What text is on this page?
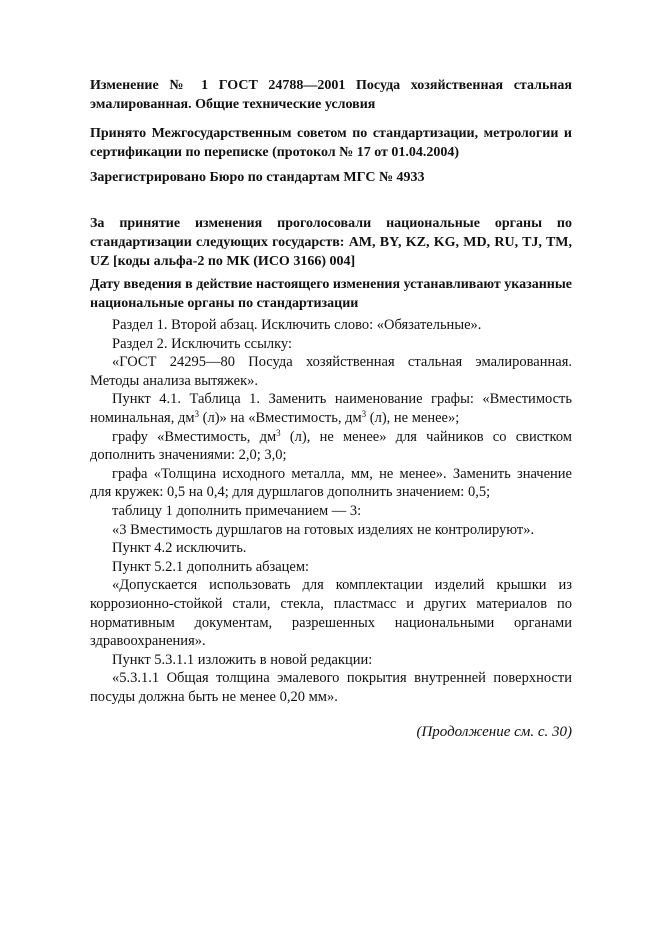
Изменение № 1 ГОСТ 24788—2001 Посуда хозяйственная стальная эмалированная. Общие технические условия
Принято Межгосударственным советом по стандартизации, метрологии и сертификации по переписке (протокол № 17 от 01.04.2004)
Зарегистрировано Бюро по стандартам МГС № 4933
За принятие изменения проголосовали национальные органы по стандартизации следующих государств: AM, BY, KZ, KG, MD, RU, TJ, TM, UZ [коды альфа-2 по МК (ИСО 3166) 004]
Дату введения в действие настоящего изменения устанавливают указанные национальные органы по стандартизации

Раздел 1. Второй абзац. Исключить слово: «Обязательные».

Раздел 2. Исключить ссылку:

«ГОСТ 24295—80 Посуда хозяйственная стальная эмалированная. Методы анализа вытяжек».

Пункт 4.1. Таблица 1. Заменить наименование графы: «Вместимость номинальная, $дм^3$ (л)» на «Вместимость, $дм^3$ (л), не менее»;

графу «Вместимость, $дм^3$ (л), не менее» для чайников со свистком дополнить значениями: 2,0; 3,0;

графа «Толщина исходного металла, мм, не менее». Заменить значение для кружек: 0,5 на 0,4; для дуршлагов дополнить значением: 0,5;

таблицу 1 дополнить примечанием — 3:

«3 Вместимость дуршлагов на готовых изделиях не контролируют».

Пункт 4.2 исключить.

Пункт 5.2.1 дополнить абзацем:

«Допускается использовать для комплектации изделий крышки из коррозионно-стойкой стали, стекла, пластмасс и других материалов по нормативным документам, разрешенных национальными органами здравоохранения».

Пункт 5.3.1.1 изложить в новой редакции:

«5.3.1.1 Общая толщина эмалевого покрытия внутренней поверхности посуды должна быть не менее 0,20 мм».

(Продолжение см. с. 30)
